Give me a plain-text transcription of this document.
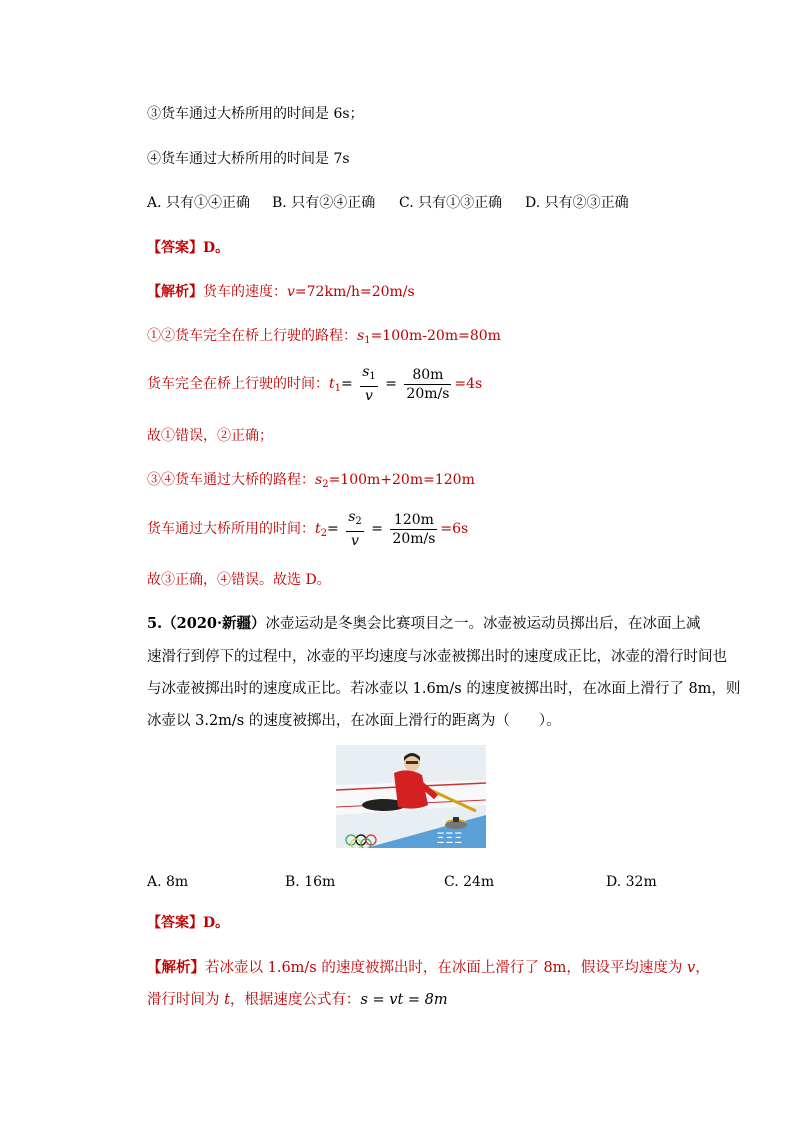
③货车通过大桥所用的时间是 6s；
④货车通过大桥所用的时间是 7s
A. 只有①④正确 B. 只有②④正确 C. 只有①③正确 D. 只有②③正确
【答案】D。
【解析】货车的速度：v=72km/h=20m/s
①②货车完全在桥上行驶的路程：$s_1=100m-20m=80m$
货车完全在桥上行驶的时间：$t_1= \frac{s_1}{v} = \frac{80m}{20m/s} =4s$
故①错误，②正确；
③④货车通过大桥的路程：$s_2=100m+20m=120m$
货车通过大桥所用的时间：$t_2= \frac{s_2}{v} = \frac{120m}{20m/s} =6s$
故③正确，④错误。故选 D。
5.（2020·新疆）冰壶运动是冬奥会比赛项目之一。冰壶被运动员掷出后，在冰面上减
速滑行到停下的过程中，冰壶的平均速度与冰壶被掷出时的速度成正比，冰壶的滑行时间也
与冰壶被掷出时的速度成正比。若冰壶以 1.6m/s 的速度被掷出时，在冰面上滑行了 8m，则
冰壶以 3.2m/s 的速度被掷出，在冰面上滑行的距离为（　　）。
ΞΞΞ
A. 8m	B. 16m	C. 24m	D. 32m
【答案】D。
【解析】若冰壶以 1.6m/s 的速度被掷出时，在冰面上滑行了 8m，假设平均速度为 v，
滑行时间为 t，根据速度公式有：s = vt = 8m
